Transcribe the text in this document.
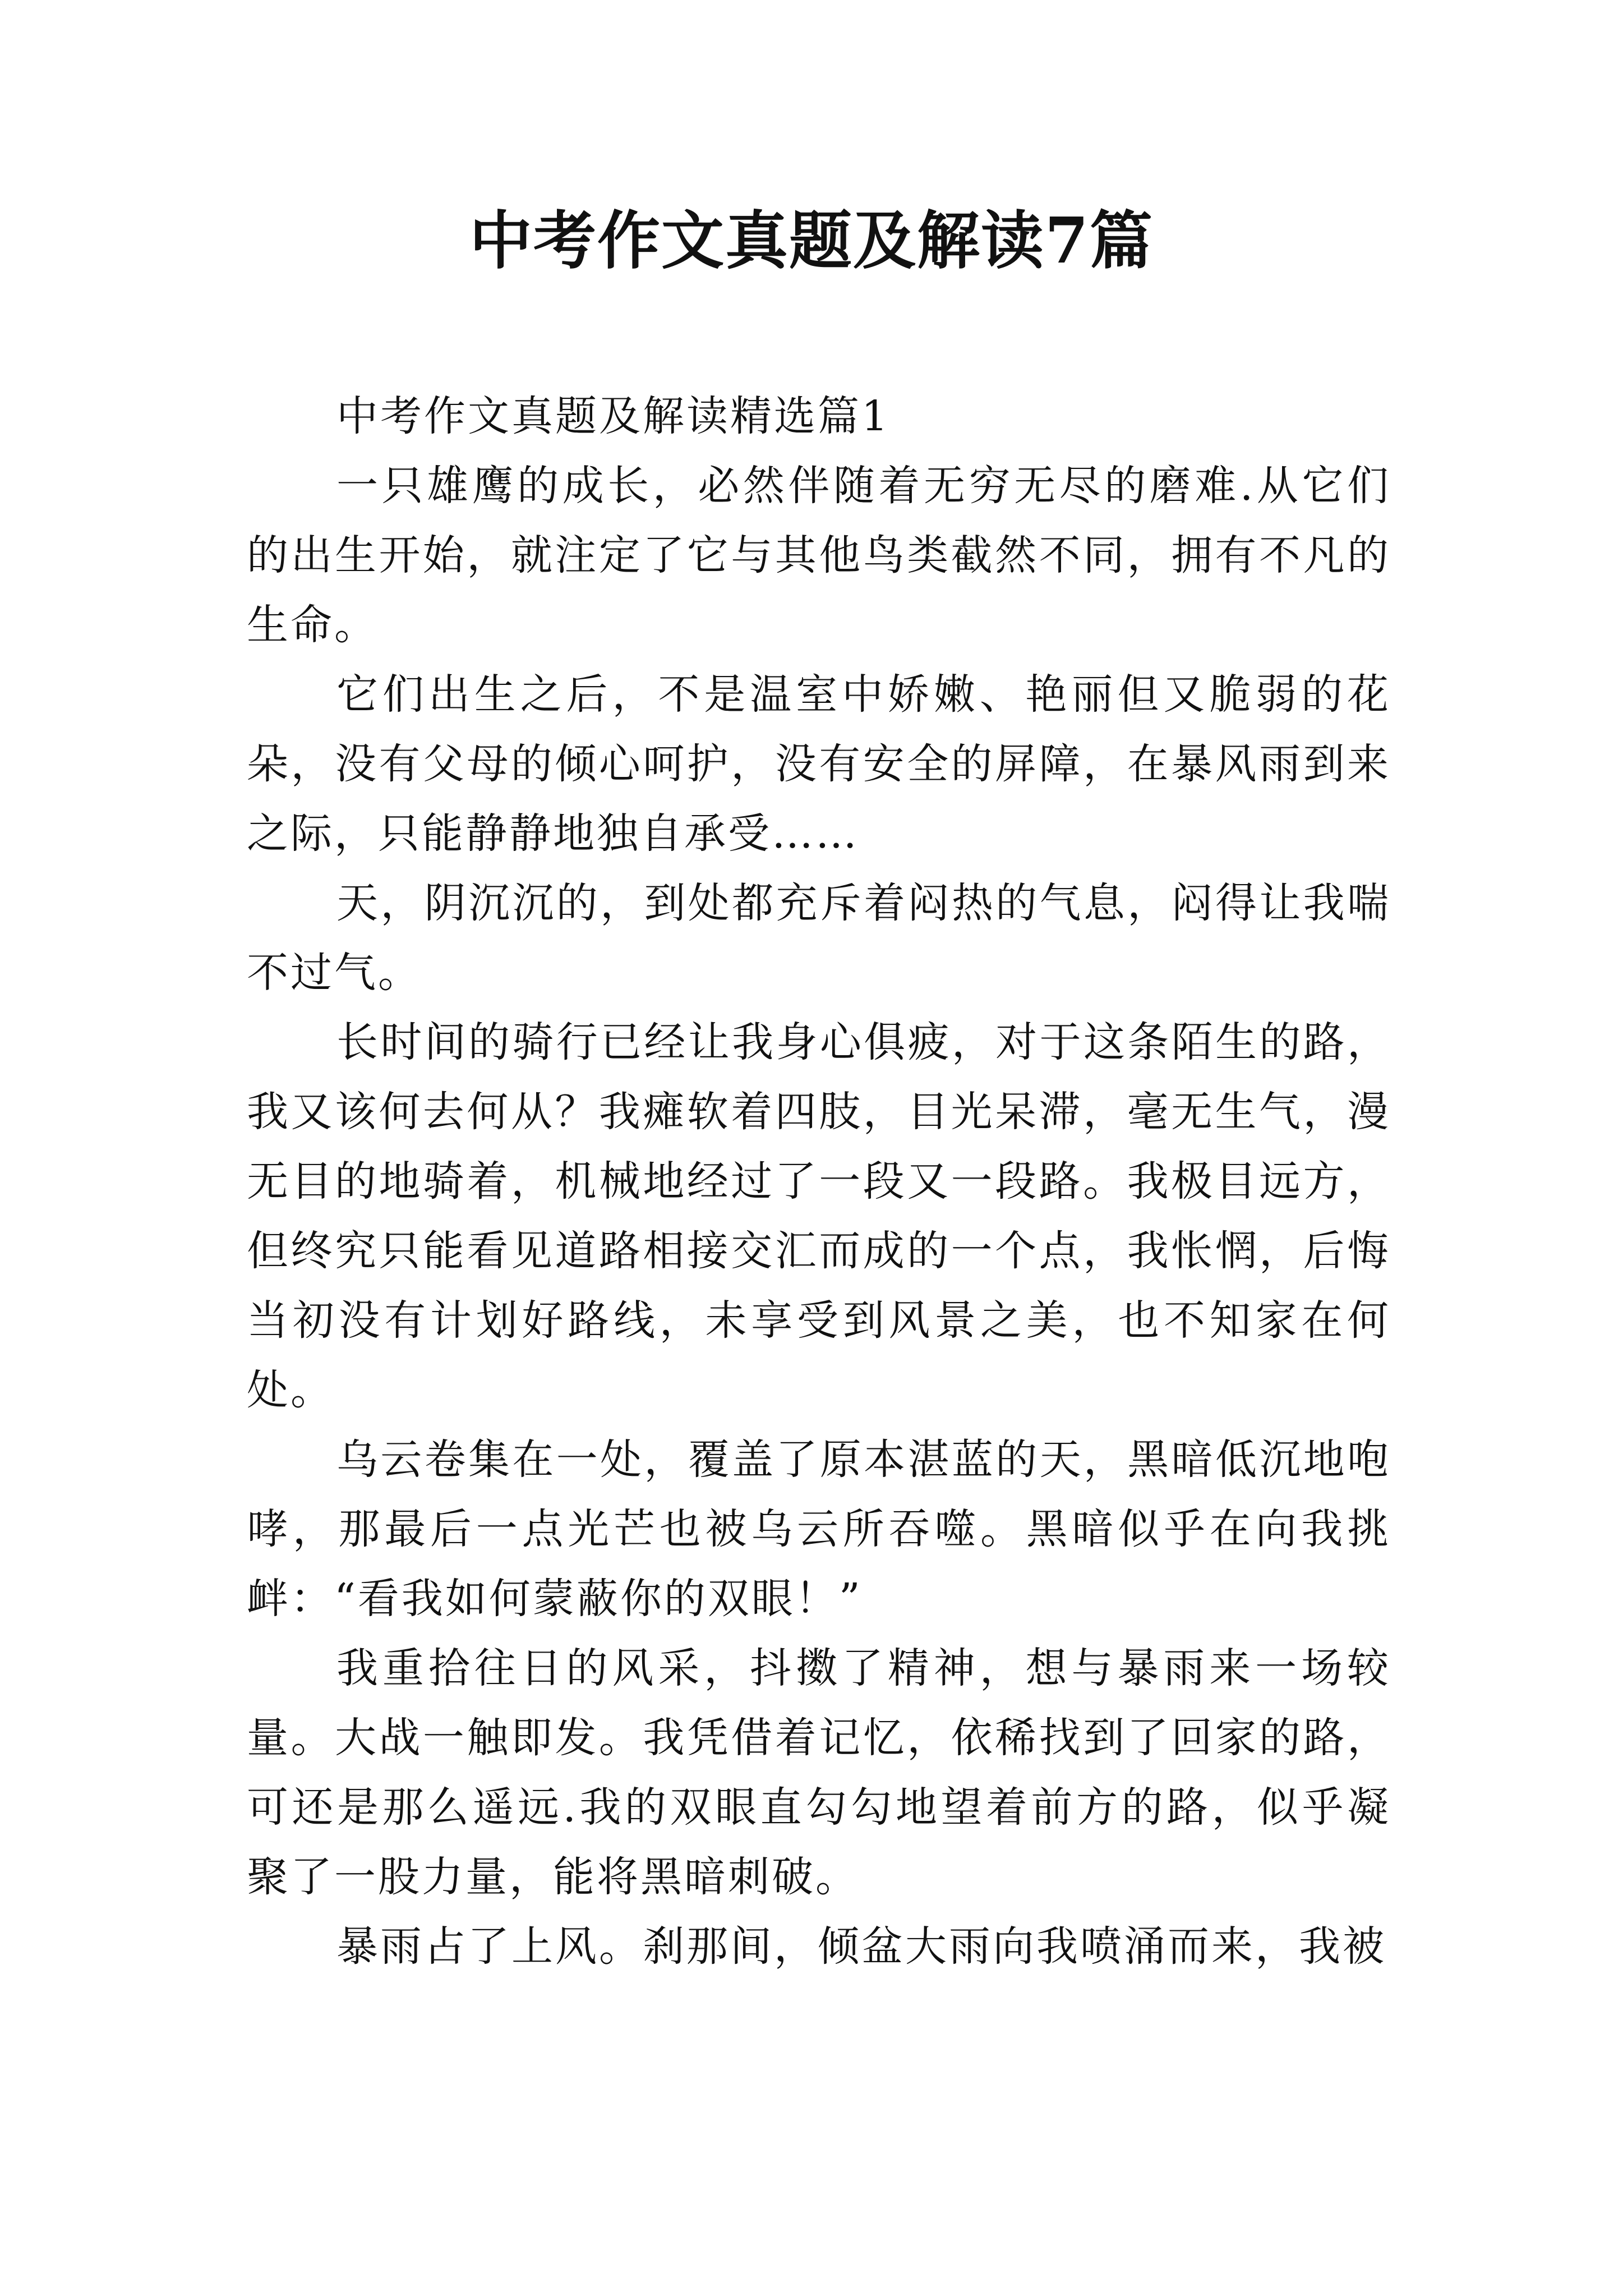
中考作文真题及解读7篇

中考作文真题及解读精选篇1

一只雄鹰的成长，必然伴随着无穷无尽的磨难.从它们的出生开始，就注定了它与其他鸟类截然不同，拥有不凡的生命。

它们出生之后，不是温室中娇嫩、艳丽但又脆弱的花朵，没有父母的倾心呵护，没有安全的屏障，在暴风雨到来之际，只能静静地独自承受……

天，阴沉沉的，到处都充斥着闷热的气息，闷得让我喘不过气。

长时间的骑行已经让我身心俱疲，对于这条陌生的路，我又该何去何从？我瘫软着四肢，目光呆滞，毫无生气，漫无目的地骑着，机械地经过了一段又一段路。我极目远方，但终究只能看见道路相接交汇而成的一个点，我怅惘，后悔当初没有计划好路线，未享受到风景之美，也不知家在何处。

乌云卷集在一处，覆盖了原本湛蓝的天，黑暗低沉地咆哮，那最后一点光芒也被乌云所吞噬。黑暗似乎在向我挑衅：“看我如何蒙蔽你的双眼！”

我重拾往日的风采，抖擞了精神，想与暴雨来一场较量。大战一触即发。我凭借着记忆，依稀找到了回家的路，可还是那么遥远.我的双眼直勾勾地望着前方的路，似乎凝聚了一股力量，能将黑暗刺破。

暴雨占了上风。刹那间，倾盆大雨向我喷涌而来，我被
